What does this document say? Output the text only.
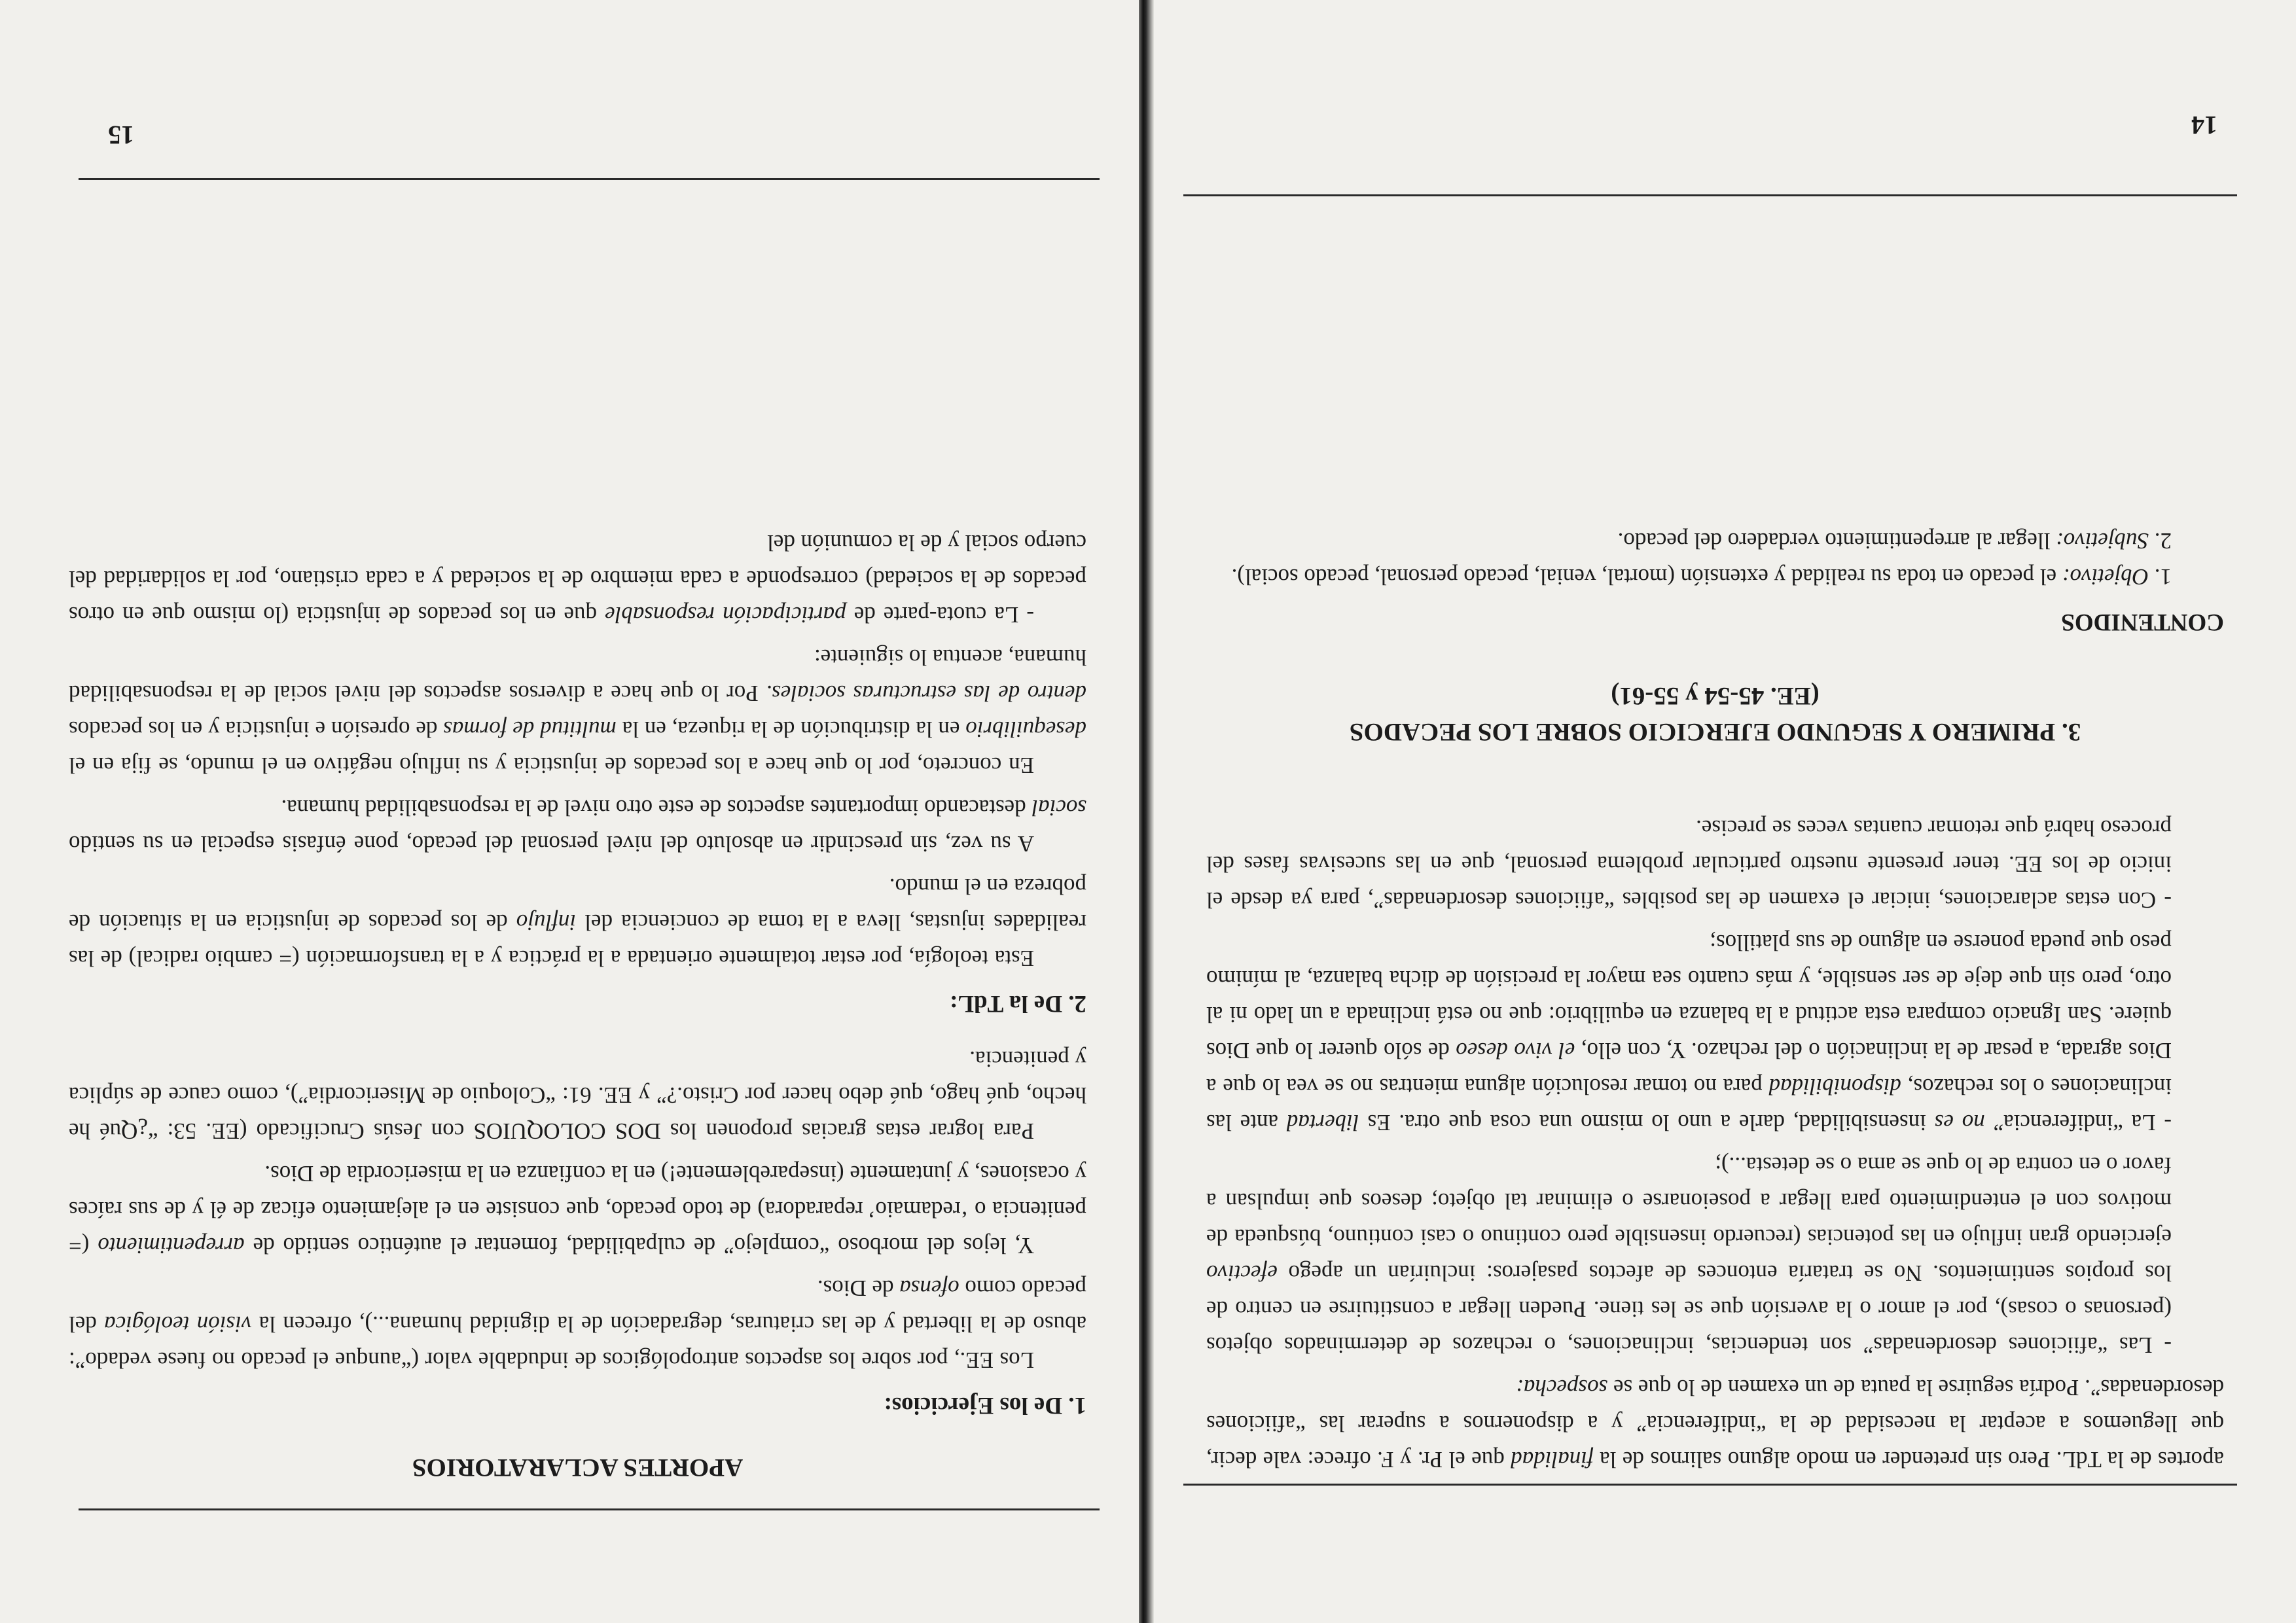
14

aportes de la TdL. Pero sin pretender en modo alguno salirnos de la finalidad que el Pr. y F. ofrece: vale decir, que lleguemos a aceptar la necesidad de la “indiferencia” y a disponernos a superar las “afiiciones desordenadas”. Podría seguirse la pauta de un examen de lo que se sospecha:

- Las “afiiciones desordenadas” son tendencias, inclinaciones, o rechazos de determinados objetos (personas o cosas), por el amor o la aversión que se les tiene. Pueden llegar a constituirse en centro de los propios sentimientos. No se trataría entonces de afectos pasajeros: incluirían un apego efectivo ejerciendo gran influjo en las potencias (recuerdo insensible pero continuo o casi contiuno, búsqueda de motivos con el entendimiento para llegar a poseionarse o eliminar tal objeto; deseos que impulsan a favor o en contra de lo que se ama o se detesta...);

- La “indiferencia” no es insensibilidad, darle a uno lo mismo una cosa que otra. Es libertad ante las inclinaciones o los rechazos, disponibilidad para no tomar resolución alguna mientras no se vea lo que a Dios agrada, a pesar de la inclinación o del rechazo. Y, con ello, el vivo deseo de sólo querer lo que Dios quiere. San Ignacio compara esta actitud a la balanza en equilibrio: que no está inclinada a un lado ni al otro, pero sin que deje de ser sensible, y más cuanto sea mayor la precisión de dicha balanza, al mínimo peso que pueda ponerse en alguno de sus platillos;

- Con estas aclaraciones, iniciar el examen de las posibles “afiiciones desordenadas”, para ya desde el inicio de los EE. tener presente nuestro particular problema personal, que en las sucesivas fases del proceso habrá que retomar cuantas veces se precise.

3. PRIMERO Y SEGUNDO EJERCICIO SOBRE LOS PECADOS
(EE. 45-54 y 55-61)
CONTENIDOS

1. Objetivo: el pecado en toda su realidad y extensión (mortal, venial, pecado personal, pecado social).

2. Subjetivo: llegar al arrepentimiento verdadero del pecado.

15
APORTES ACLARATORIOS
1. De los Ejercicios:

Los EE., por sobre los aspectos antropológicos de indudable valor (“aunque el pecado no fuese vedado”: abuso de la libertad y de las criaturas, degradación de la dignidad humana...), ofrecen la visión teológica del pecado como ofensa de Dios.

Y, lejos del morboso “complejo” de culpabilidad, fomentar el auténtico sentido de arrepentimiento (= penitencia o ‘redamaio’ reparadora) de todo pecado, que consiste en el alejamiento eficaz de él y de sus raíces y ocasiones, y juntamente (insepareblemente!) en la confianza en la misericordia de Dios.

Para lograr estas gracias proponen los DOS COLOQUIOS con Jesús Crucificado (EE. 53: “¿Qué he hecho, qué hago, qué debo hacer por Cristo.?” y EE. 61: “Coloquio de Misericordia”), como cauce de súplica y penitencia.

2. De la TdL:

Esta teología, por estar totalmente orientada a la práctica y a la transformación (= cambio radical) de las realidades injustas, lleva a la toma de conciencia del influjo de los pecados de injusticia en la situación de pobreza en el mundo.

A su vez, sin prescindir en absoluto del nivel personal del pecado, pone énfasis especial en su sentido social destacando importantes aspectos de este otro nivel de la responsabilidad humana.

En concreto, por lo que hace a los pecados de injusticia y su influjo negátivo en el mundo, se fija en el desequilibrio en la distribución de la riqueza, en la multitud de formas de opresión e injusticia y en los pecados dentro de las estructuras sociales. Por lo que hace a diversos aspectos del nivel social de la responsabilidad humana, acentua lo siguiente:

- La cuota-parte de participación responsable que en los pecados de injusticia (lo mismo que en otros pecados de la sociedad) corresponde a cada miembro de la sociedad y a cada cristiano, por la solidaridad del cuerpo social y de la comunión del
